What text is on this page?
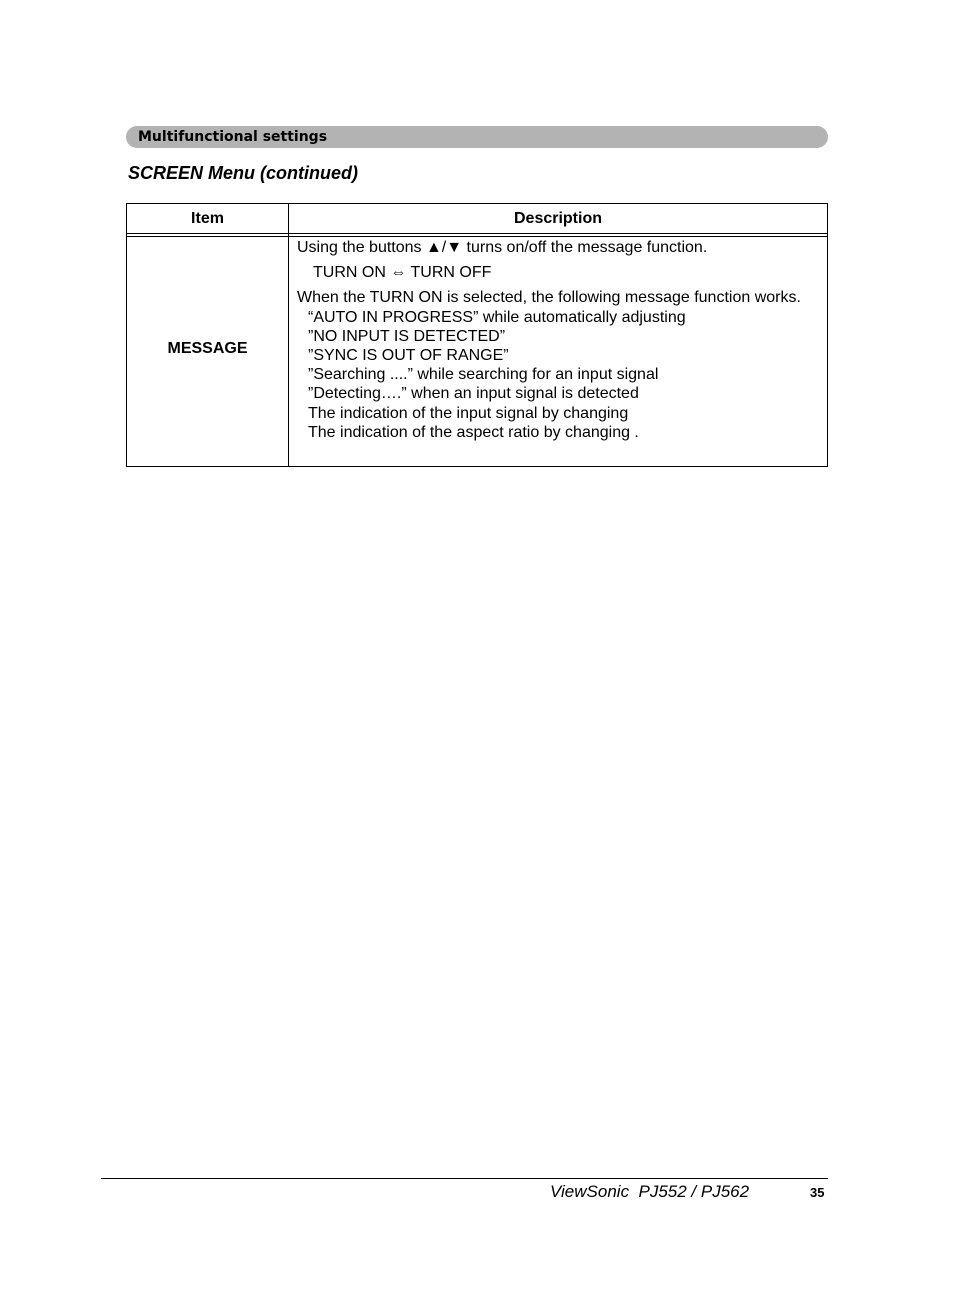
Multifunctional settings
SCREEN Menu (continued)
Item	Description
MESSAGE
Using the buttons ▲/▼ turns on/off the message function.
TURN ON ⇔ TURN OFF
When the TURN ON is selected, the following message function works.
“AUTO IN PROGRESS” while automatically adjusting
”NO INPUT IS DETECTED”
”SYNC IS OUT OF RANGE”
”Searching ....” while searching for an input signal
”Detecting….” when an input signal is detected
The indication of the input signal by changing
The indication of the aspect ratio by changing .
ViewSonic  PJ552 / PJ562	35
